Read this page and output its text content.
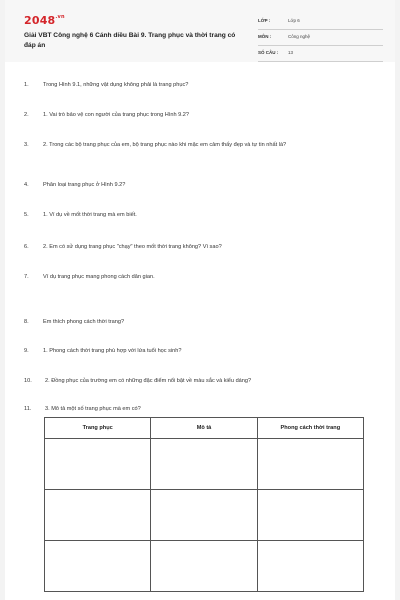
$2048^{.vn}$
Giải VBT Công nghệ 6 Cánh diều Bài 9. Trang phục và thời trang có đáp án
LỚP :	Lớp 6
MÔN :	Công nghệ
SỐ CÂU : 13
1.	Trong Hình 9.1, những vật dụng không phải là trang phục?
2.	1. Vai trò bảo vệ con người của trang phục trong Hình 9.2?
3.	2. Trong các bộ trang phục của em, bộ trang phục nào khi mặc em cảm thấy đẹp và tự tin nhất là?
4.	Phân loại trang phục ở Hình 9.2?
5.	1. Ví dụ về mốt thời trang mà em biết.
6.	2. Em có sử dụng trang phục "chạy" theo mốt thời trang không? Vì sao?
7.	Ví dụ trang phục mang phong cách dân gian.
8.	Em thích phong cách thời trang?
9.	1. Phong cách thời trang phù hợp với lứa tuổi học sinh?
10. 2. Đồng phục của trường em có những đặc điểm nổi bật về màu sắc và kiểu dáng?
11. 3. Mô tả một số trang phục mà em có?
Trang phục	Mô tả	Phong cách thời trang
